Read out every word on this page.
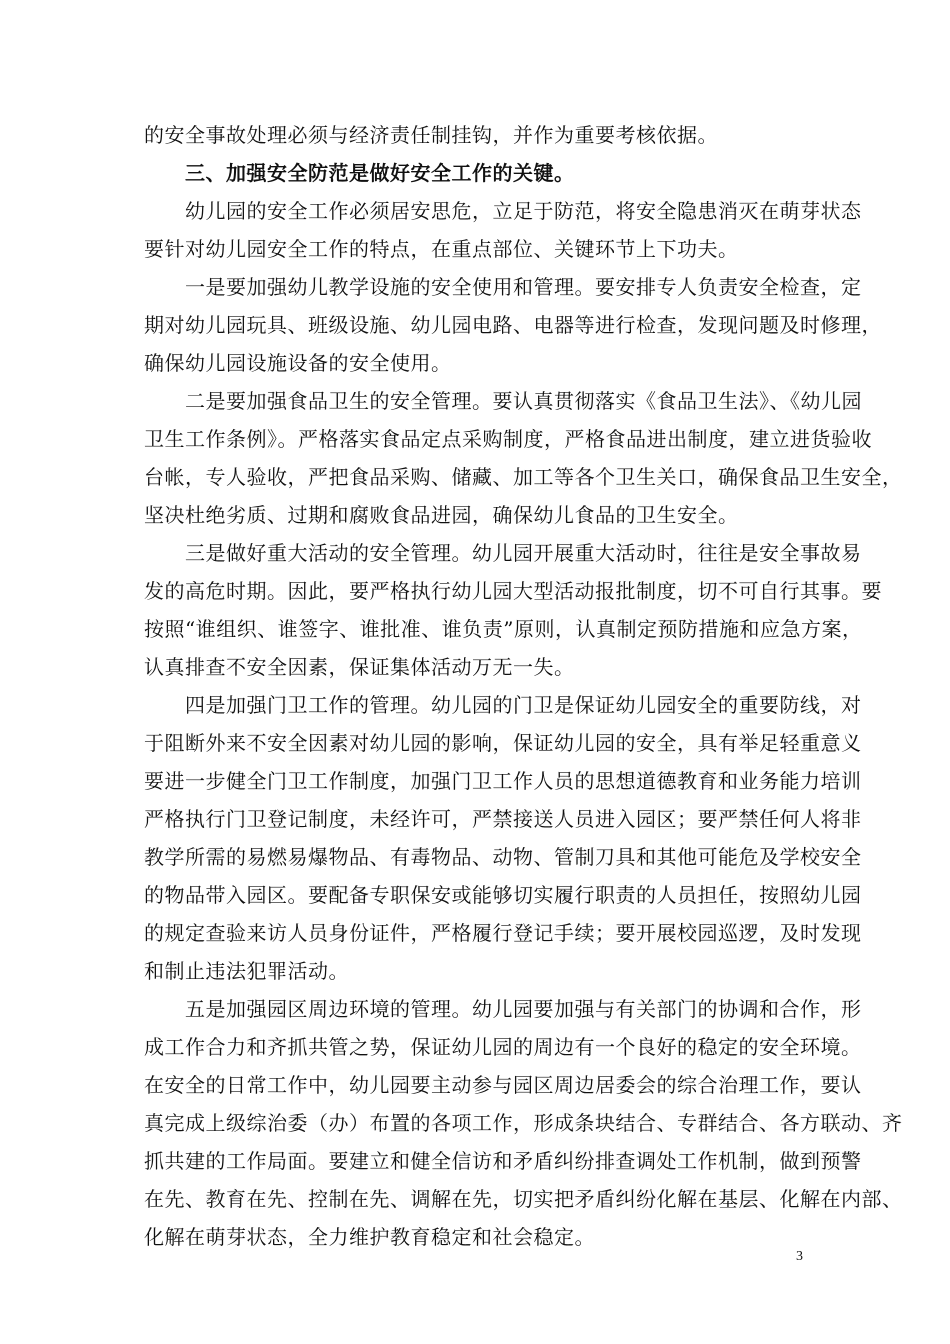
的安全事故处理必须与经济责任制挂钩，并作为重要考核依据。
三、加强安全防范是做好安全工作的关键。
幼儿园的安全工作必须居安思危，立足于防范，将安全隐患消灭在萌芽状态
要针对幼儿园安全工作的特点，在重点部位、关键环节上下功夫。
一是要加强幼儿教学设施的安全使用和管理。要安排专人负责安全检查，定
期对幼儿园玩具、班级设施、幼儿园电路、电器等进行检查，发现问题及时修理，
确保幼儿园设施设备的安全使用。
二是要加强食品卫生的安全管理。要认真贯彻落实《食品卫生法》、《幼儿园
卫生工作条例》。严格落实食品定点采购制度，严格食品进出制度，建立进货验收
台帐，专人验收，严把食品采购、储藏、加工等各个卫生关口，确保食品卫生安全，
坚决杜绝劣质、过期和腐败食品进园，确保幼儿食品的卫生安全。
三是做好重大活动的安全管理。幼儿园开展重大活动时，往往是安全事故易
发的高危时期。因此，要严格执行幼儿园大型活动报批制度，切不可自行其事。要
按照“谁组织、谁签字、谁批准、谁负责”原则，认真制定预防措施和应急方案，
认真排查不安全因素，保证集体活动万无一失。
四是加强门卫工作的管理。幼儿园的门卫是保证幼儿园安全的重要防线，对
于阻断外来不安全因素对幼儿园的影响，保证幼儿园的安全，具有举足轻重意义
要进一步健全门卫工作制度，加强门卫工作人员的思想道德教育和业务能力培训
严格执行门卫登记制度，未经许可，严禁接送人员进入园区；要严禁任何人将非
教学所需的易燃易爆物品、有毒物品、动物、管制刀具和其他可能危及学校安全
的物品带入园区。要配备专职保安或能够切实履行职责的人员担任，按照幼儿园
的规定查验来访人员身份证件，严格履行登记手续；要开展校园巡逻，及时发现
和制止违法犯罪活动。
五是加强园区周边环境的管理。幼儿园要加强与有关部门的协调和合作，形
成工作合力和齐抓共管之势，保证幼儿园的周边有一个良好的稳定的安全环境。
在安全的日常工作中，幼儿园要主动参与园区周边居委会的综合治理工作，要认
真完成上级综治委（办）布置的各项工作，形成条块结合、专群结合、各方联动、齐
抓共建的工作局面。要建立和健全信访和矛盾纠纷排查调处工作机制，做到预警
在先、教育在先、控制在先、调解在先，切实把矛盾纠纷化解在基层、化解在内部、
化解在萌芽状态，全力维护教育稳定和社会稳定。
3
